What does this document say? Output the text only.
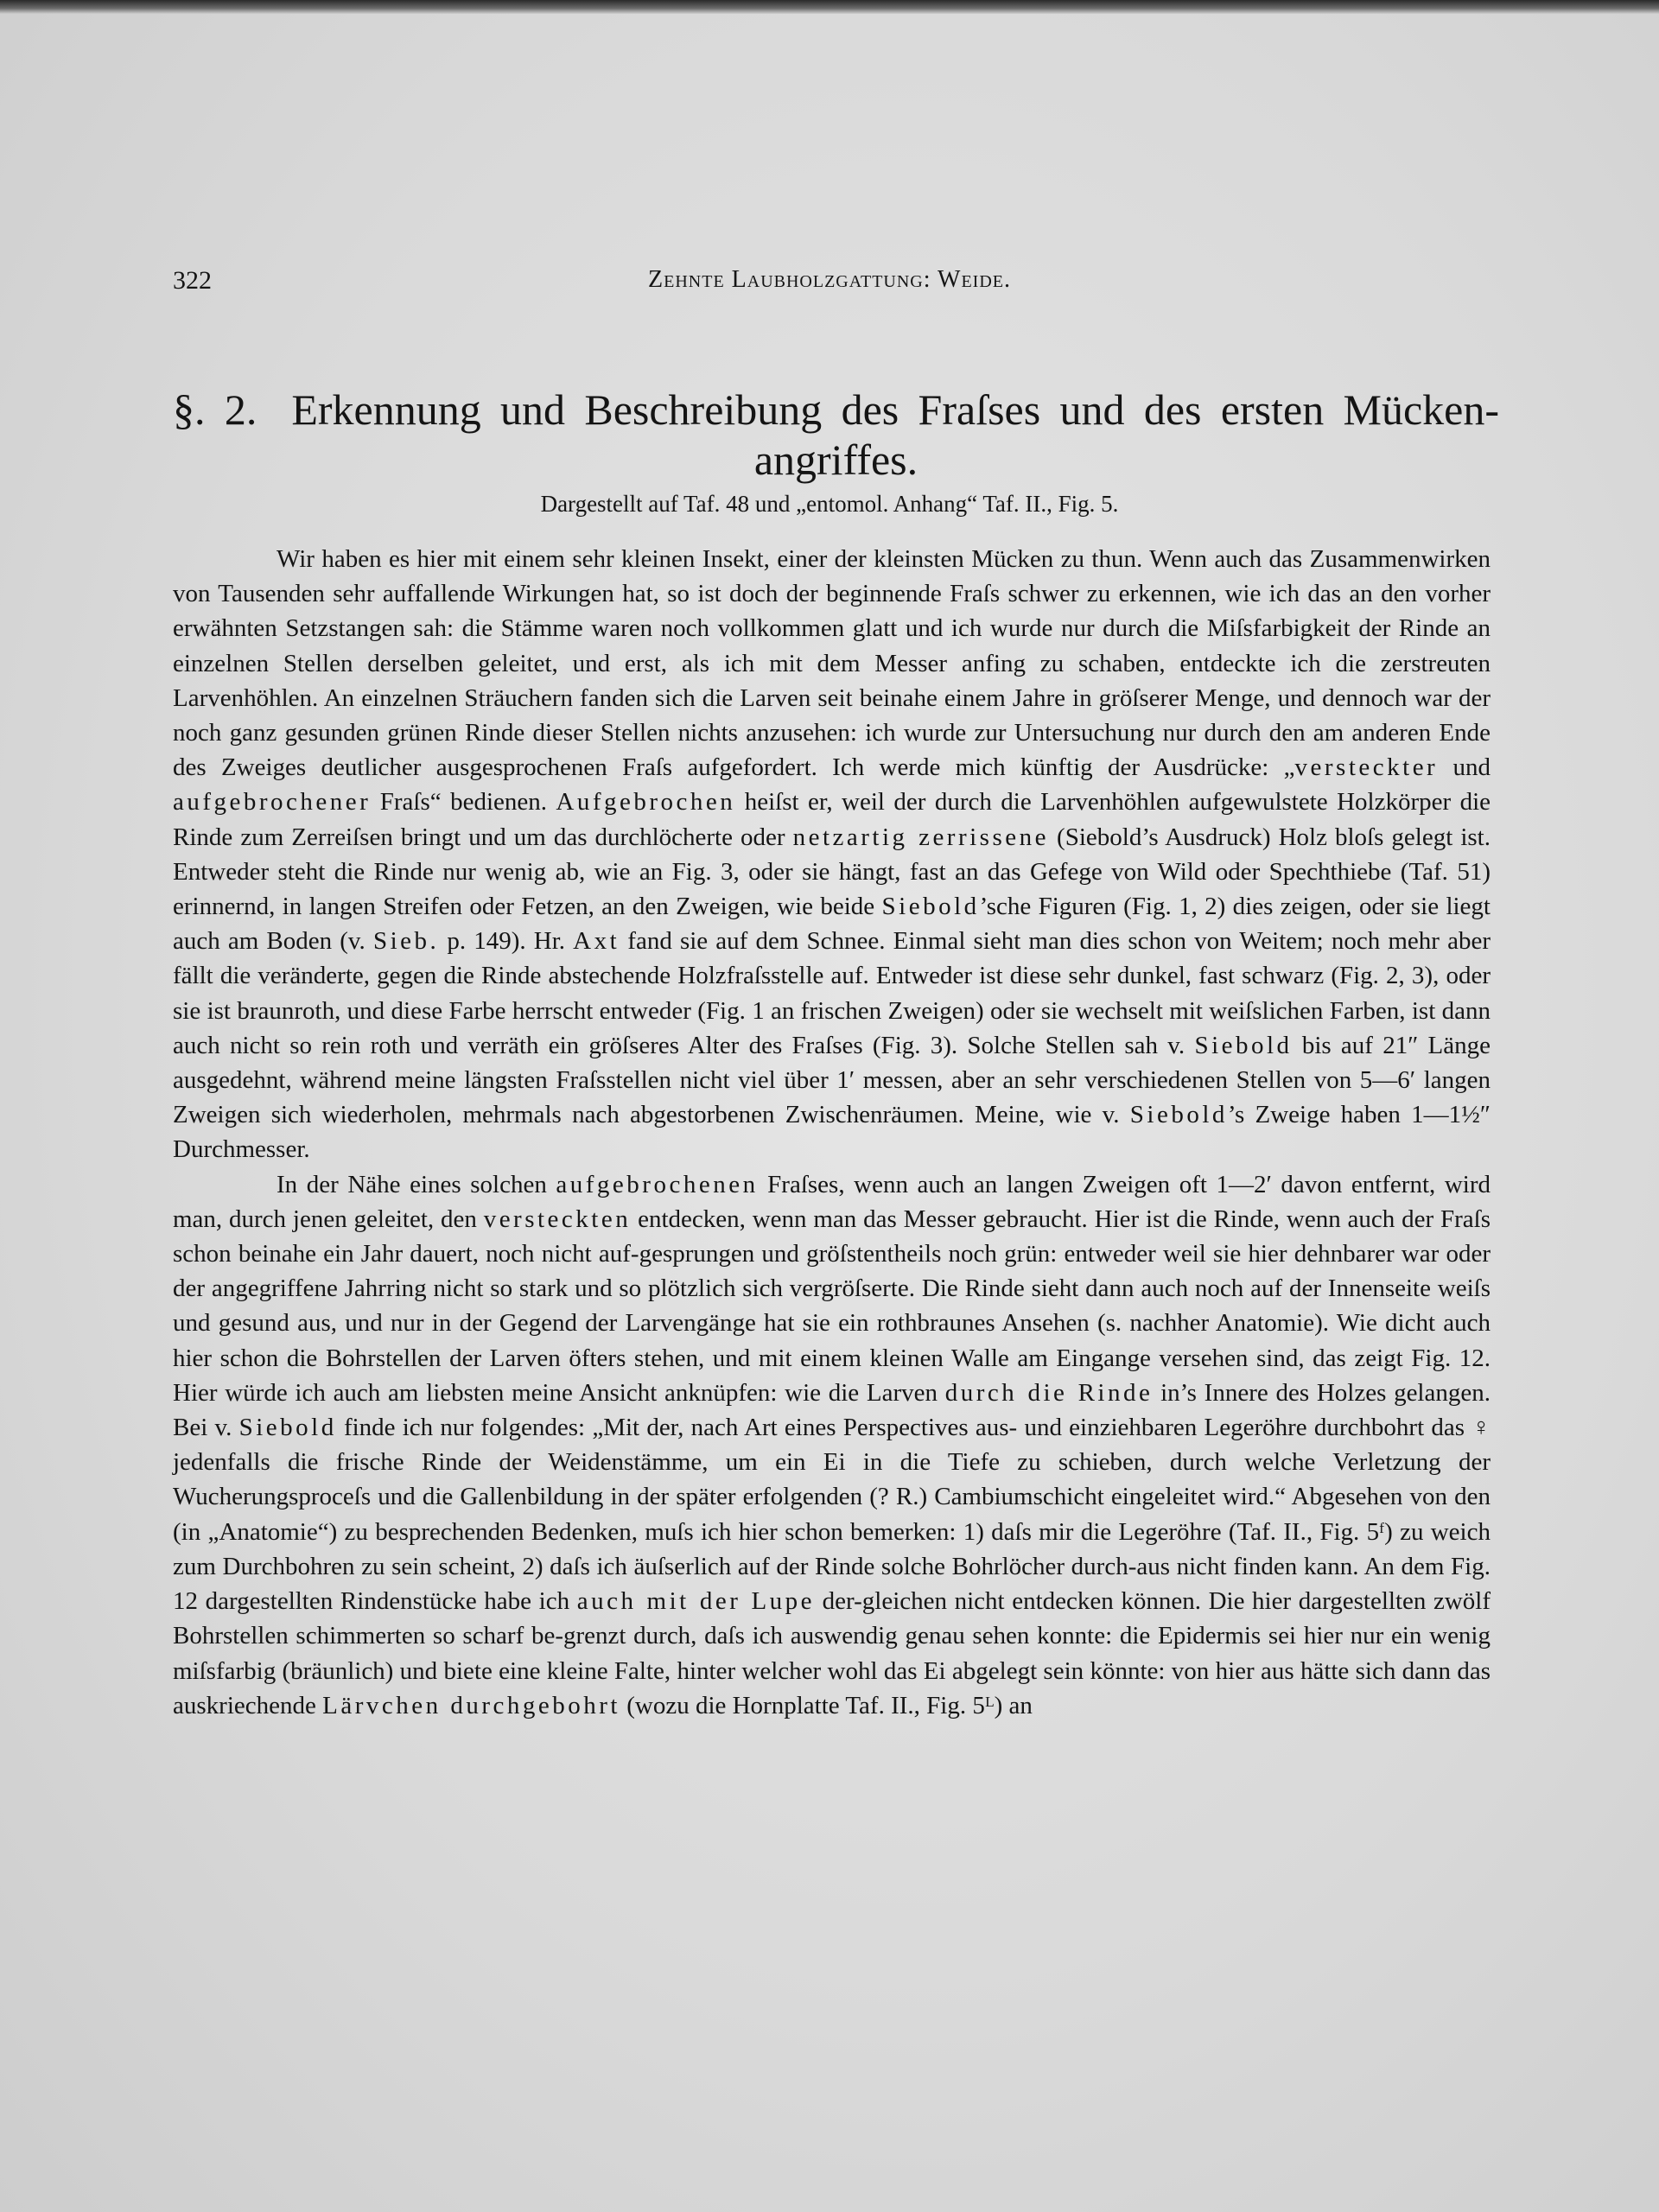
322	Zehnte Laubholzgattung: Weide.
§. 2. Erkennung und Beschreibung des Fraſses und des ersten Mücken-angriffes.
Dargestellt auf Taf. 48 und „entomol. Anhang“ Taf. II., Fig. 5.

Wir haben es hier mit einem sehr kleinen Insekt, einer der kleinsten Mücken zu thun. Wenn auch das Zusammenwirken von Tausenden sehr auffallende Wirkungen hat, so ist doch der beginnende Fraſs schwer zu erkennen, wie ich das an den vorher erwähnten Setzstangen sah: die Stämme waren noch vollkommen glatt und ich wurde nur durch die Miſsfarbigkeit der Rinde an einzelnen Stellen derselben geleitet, und erst, als ich mit dem Messer anfing zu schaben, entdeckte ich die zerstreuten Larvenhöhlen. An einzelnen Sträuchern fanden sich die Larven seit beinahe einem Jahre in gröſserer Menge, und dennoch war der noch ganz gesunden grünen Rinde dieser Stellen nichts anzusehen: ich wurde zur Untersuchung nur durch den am anderen Ende des Zweiges deutlicher ausgesprochenen Fraſs aufgefordert. Ich werde mich künftig der Ausdrücke: „versteckter und aufgebrochener Fraſs“ bedienen. Aufgebrochen heiſst er, weil der durch die Larvenhöhlen aufgewulstete Holzkörper die Rinde zum Zerreiſsen bringt und um das durchlöcherte oder netzartig zerrissene (Siebold’s Ausdruck) Holz bloſs gelegt ist. Entweder steht die Rinde nur wenig ab, wie an Fig. 3, oder sie hängt, fast an das Gefege von Wild oder Spechthiebe (Taf. 51) erinnernd, in langen Streifen oder Fetzen, an den Zweigen, wie beide Siebold’sche Figuren (Fig. 1, 2) dies zeigen, oder sie liegt auch am Boden (v. Sieb. p. 149). Hr. Axt fand sie auf dem Schnee. Einmal sieht man dies schon von Weitem; noch mehr aber fällt die veränderte, gegen die Rinde abstechende Holzfraſsstelle auf. Entweder ist diese sehr dunkel, fast schwarz (Fig. 2, 3), oder sie ist braunroth, und diese Farbe herrscht entweder (Fig. 1 an frischen Zweigen) oder sie wechselt mit weiſslichen Farben, ist dann auch nicht so rein roth und verräth ein gröſseres Alter des Fraſses (Fig. 3). Solche Stellen sah v. Siebold bis auf 21″ Länge ausgedehnt, während meine längsten Fraſsstellen nicht viel über 1′ messen, aber an sehr verschiedenen Stellen von 5—6′ langen Zweigen sich wiederholen, mehrmals nach abgestorbenen Zwischenräumen. Meine, wie v. Siebold’s Zweige haben 1—1½″ Durchmesser.

In der Nähe eines solchen aufgebrochenen Fraſses, wenn auch an langen Zweigen oft 1—2′ davon entfernt, wird man, durch jenen geleitet, den versteckten entdecken, wenn man das Messer gebraucht. Hier ist die Rinde, wenn auch der Fraſs schon beinahe ein Jahr dauert, noch nicht auf-gesprungen und gröſstentheils noch grün: entweder weil sie hier dehnbarer war oder der angegriffene Jahrring nicht so stark und so plötzlich sich vergröſserte. Die Rinde sieht dann auch noch auf der Innenseite weiſs und gesund aus, und nur in der Gegend der Larvengänge hat sie ein rothbraunes Ansehen (s. nachher Anatomie). Wie dicht auch hier schon die Bohrstellen der Larven öfters stehen, und mit einem kleinen Walle am Eingange versehen sind, das zeigt Fig. 12. Hier würde ich auch am liebsten meine Ansicht anknüpfen: wie die Larven durch die Rinde in’s Innere des Holzes gelangen. Bei v. Siebold finde ich nur folgendes: „Mit der, nach Art eines Perspectives aus- und einziehbaren Legeröhre durchbohrt das ♀ jedenfalls die frische Rinde der Weidenstämme, um ein Ei in die Tiefe zu schieben, durch welche Verletzung der Wucherungsproceſs und die Gallenbildung in der später erfolgenden (? R.) Cambiumschicht eingeleitet wird.“ Abgesehen von den (in „Anatomie“) zu besprechenden Bedenken, muſs ich hier schon bemerken: 1) daſs mir die Legeröhre (Taf. II., Fig. 5ᶠ) zu weich zum Durchbohren zu sein scheint, 2) daſs ich äuſserlich auf der Rinde solche Bohrlöcher durch-aus nicht finden kann. An dem Fig. 12 dargestellten Rindenstücke habe ich auch mit der Lupe der-gleichen nicht entdecken können. Die hier dargestellten zwölf Bohrstellen schimmerten so scharf be-grenzt durch, daſs ich auswendig genau sehen konnte: die Epidermis sei hier nur ein wenig miſsfarbig (bräunlich) und biete eine kleine Falte, hinter welcher wohl das Ei abgelegt sein könnte: von hier aus hätte sich dann das auskriechende Lärvchen durchgebohrt (wozu die Hornplatte Taf. II., Fig. 5ᴸ) an
